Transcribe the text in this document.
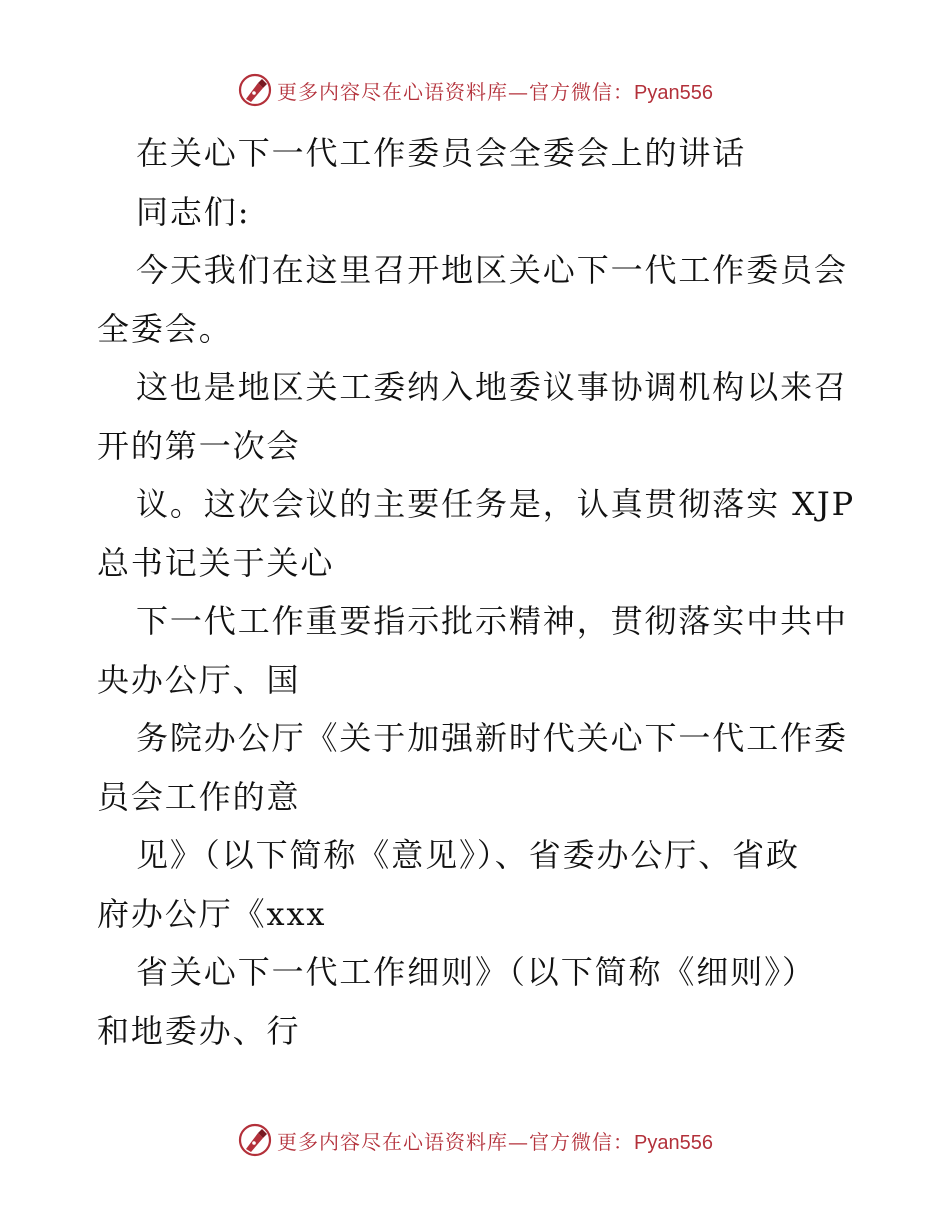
更多内容尽在心语资料库—官方微信：Pyan556
在关心下一代工作委员会全委会上的讲话
同志们:
今天我们在这里召开地区关心下一代工作委员会
全委会。
这也是地区关工委纳入地委议事协调机构以来召
开的第一次会
议。这次会议的主要任务是，认真贯彻落实 XJP
总书记关于关心
下一代工作重要指示批示精神，贯彻落实中共中
央办公厅、国
务院办公厅《关于加强新时代关心下一代工作委
员会工作的意
见》（以下简称《意见》）、省委办公厅、省政
府办公厅《xxx
省关心下一代工作细则》（以下简称《细则》）
和地委办、行
更多内容尽在心语资料库—官方微信：Pyan556
